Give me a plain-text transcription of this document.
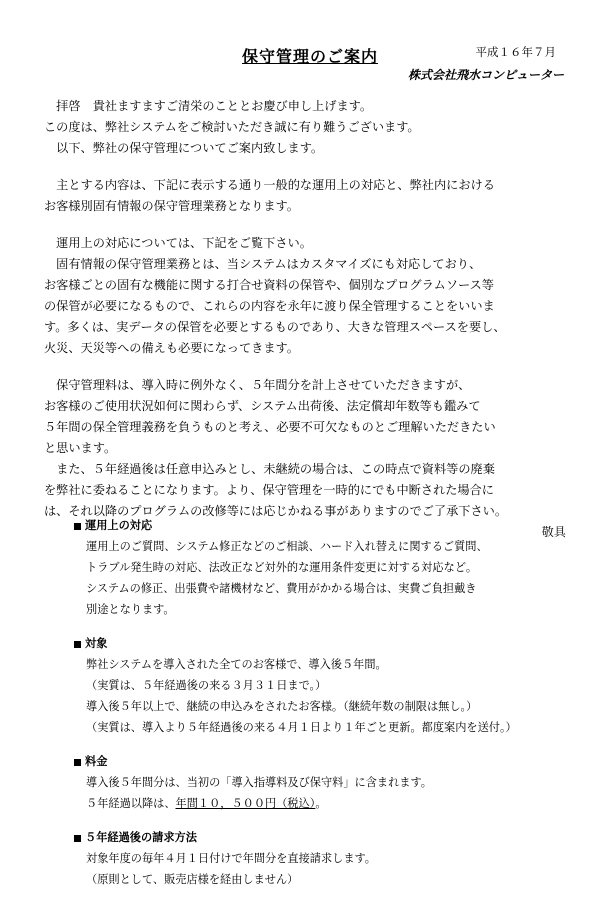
保守管理のご案内	平成１６年７月
株式会社飛水コンピューター

　拝啓　貴社ますますご清栄のこととお慶び申し上げます。

この度は、弊社システムをご検討いただき誠に有り難うございます。

　以下、弊社の保守管理についてご案内致します。

　主とする内容は、下記に表示する通り一般的な運用上の対応と、弊社内における

お客様別固有情報の保守管理業務となります。

　運用上の対応については、下記をご覧下さい。

　固有情報の保守管理業務とは、当システムはカスタマイズにも対応しており、

お客様ごとの固有な機能に関する打合せ資料の保管や、個別なプログラムソース等

の保管が必要になるもので、これらの内容を永年に渡り保全管理することをいいま

す。多くは、実データの保管を必要とするものであり、大きな管理スペースを要し、

火災、天災等への備えも必要になってきます。

　保守管理料は、導入時に例外なく、５年間分を計上させていただきますが、

お客様のご使用状況如何に関わらず、システム出荷後、法定償却年数等も鑑みて

５年間の保全管理義務を負うものと考え、必要不可欠なものとご理解いただきたい

と思います。

　また、５年経過後は任意申込みとし、未継続の場合は、この時点で資料等の廃棄

を弊社に委ねることになります。より、保守管理を一時的にでも中断された場合に

は、それ以降のプログラムの改修等には応じかねる事がありますのでご了承下さい。

敬具

運用上の対応
運用上のご質問、システム修正などのご相談、ハード入れ替えに関するご質問、
トラブル発生時の対応、法改正など対外的な運用条件変更に対する対応など。
システムの修正、出張費や諸機材など、費用がかかる場合は、実費ご負担戴き
別途となります。
対象
弊社システムを導入された全てのお客様で、導入後５年間。
（実質は、５年経過後の来る３月３１日まで。）
導入後５年以上で、継続の申込みをされたお客様。（継続年数の制限は無し。）
（実質は、導入より５年経過後の来る４月１日より１年ごと更新。都度案内を送付。）
料金
導入後５年間分は、当初の「導入指導料及び保守料」に含まれます。
５年経過以降は、年間１０，５００円（税込）。
５年経過後の請求方法
対象年度の毎年４月１日付けで年間分を直接請求します。
（原則として、販売店様を経由しません）
